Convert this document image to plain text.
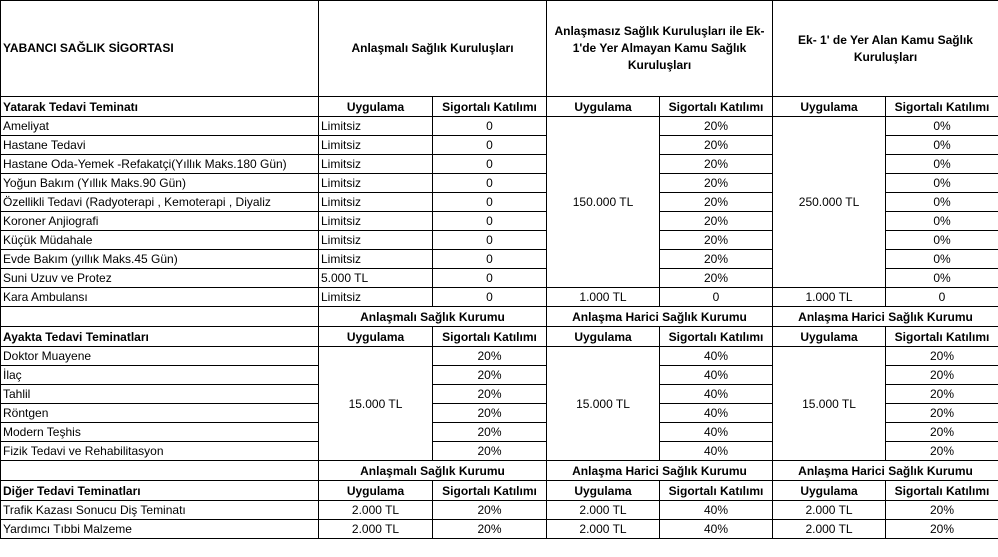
YABANCI SAĞLIK SİGORTASI	Anlaşmalı Sağlık Kuruluşları		Anlaşmasız Sağlık Kuruluşları ile Ek-1'de Yer Almayan Kamu Sağlık Kuruluşları		Ek- 1' de Yer Alan Kamu Sağlık Kuruluşları	
Yatarak Tedavi Teminatı	Uygulama	Sigortalı Katılımı	Uygulama	Sigortalı Katılımı	Uygulama	Sigortalı Katılımı
Ameliyat	Limitsiz	0	150.000 TL	20%	250.000 TL	0%
Hastane Tedavi	Limitsiz	0		20%		0%
Hastane Oda-Yemek -Refakatçi(Yıllık Maks.180 Gün)	Limitsiz	0		20%		0%
Yoğun Bakım (Yıllık Maks.90 Gün)	Limitsiz	0		20%		0%
Özellikli Tedavi (Radyoterapi , Kemoterapi , Diyaliz	Limitsiz	0		20%		0%
Koroner Anjiografi	Limitsiz	0		20%		0%
Küçük Müdahale	Limitsiz	0		20%		0%
Evde Bakım (yıllık Maks.45 Gün)	Limitsiz	0		20%		0%
Suni Uzuv ve Protez	5.000 TL	0		20%		0%
Kara Ambulansı	Limitsiz	0	1.000 TL	0	1.000 TL	0
	Anlaşmalı Sağlık Kurumu		Anlaşma Harici Sağlık Kurumu		Anlaşma Harici Sağlık Kurumu	
Ayakta Tedavi Teminatları	Uygulama	Sigortalı Katılımı	Uygulama	Sigortalı Katılımı	Uygulama	Sigortalı Katılımı
Doktor Muayene	15.000 TL	20%	15.000 TL	40%	15.000 TL	20%
İlaç		20%		40%		20%
Tahlil		20%		40%		20%
Röntgen		20%		40%		20%
Modern Teşhis		20%		40%		20%
Fizik Tedavi ve Rehabilitasyon		20%		40%		20%
	Anlaşmalı Sağlık Kurumu		Anlaşma Harici Sağlık Kurumu		Anlaşma Harici Sağlık Kurumu	
Diğer Tedavi Teminatları	Uygulama	Sigortalı Katılımı	Uygulama	Sigortalı Katılımı	Uygulama	Sigortalı Katılımı
Trafik Kazası Sonucu Diş Teminatı	2.000 TL	20%	2.000 TL	40%	2.000 TL	20%
Yardımcı Tıbbi Malzeme	2.000 TL	20%	2.000 TL	40%	2.000 TL	20%
